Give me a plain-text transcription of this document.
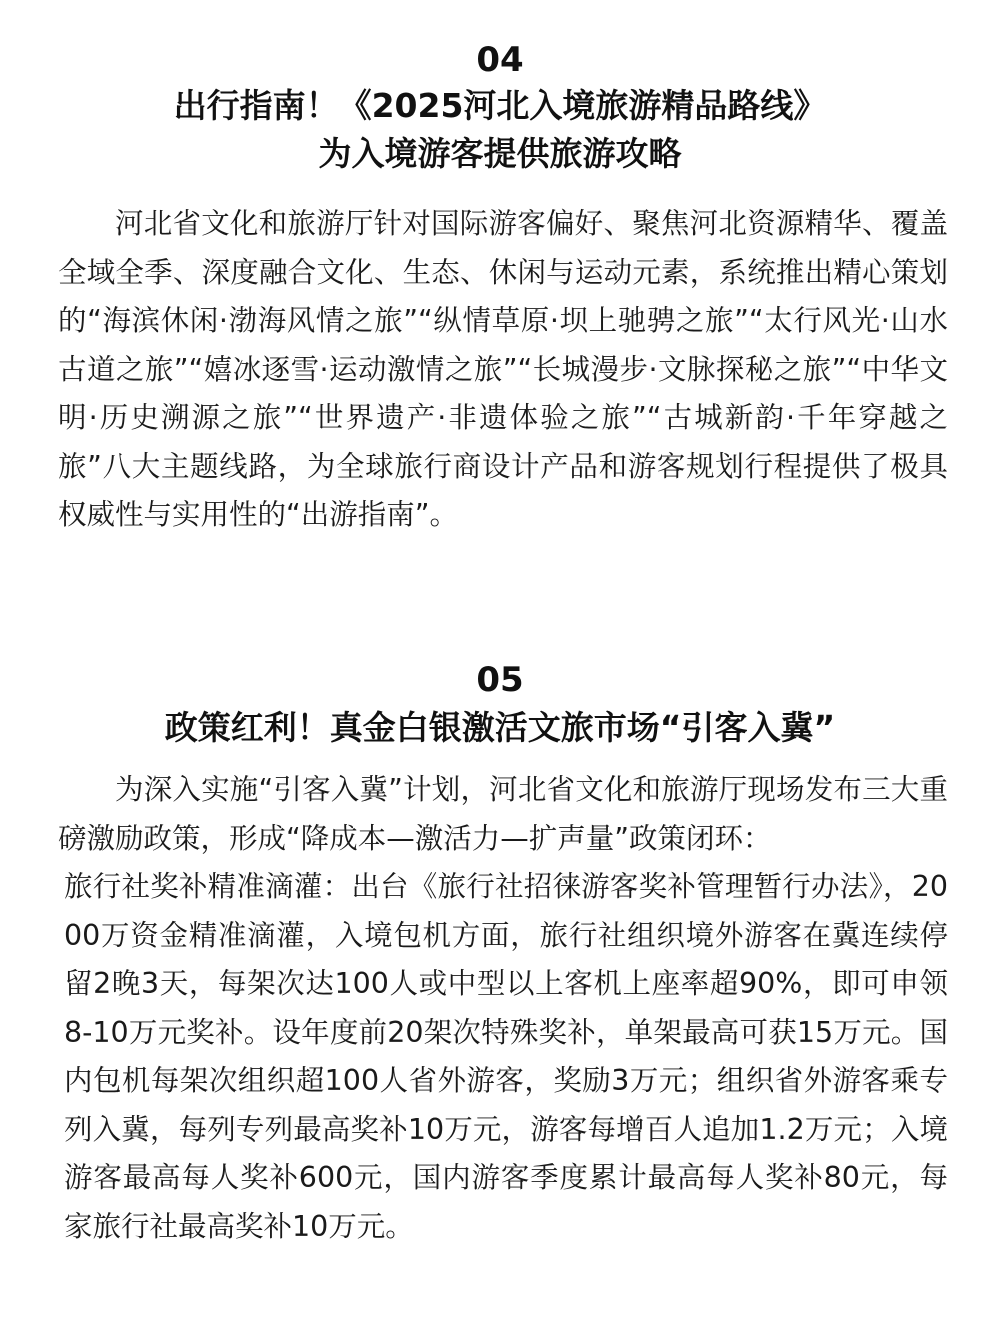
04
出行指南！《2025河北入境旅游精品路线》
为入境游客提供旅游攻略

河北省文化和旅游厅针对国际游客偏好、聚焦河北资源精华、覆盖全域全季、深度融合文化、生态、休闲与运动元素，系统推出精心策划的“海滨休闲·渤海风情之旅”“纵情草原·坝上驰骋之旅”“太行风光·山水古道之旅”“嬉冰逐雪·运动激情之旅”“长城漫步·文脉探秘之旅”“中华文明·历史溯源之旅”“世界遗产·非遗体验之旅”“古城新韵·千年穿越之旅”八大主题线路，为全球旅行商设计产品和游客规划行程提供了极具权威性与实用性的“出游指南”。

05
政策红利！真金白银激活文旅市场“引客入冀”

为深入实施“引客入冀”计划，河北省文化和旅游厅现场发布三大重磅激励政策，形成“降成本—激活力—扩声量”政策闭环：

旅行社奖补精准滴灌：出台《旅行社招徕游客奖补管理暂行办法》，2000万资金精准滴灌，入境包机方面，旅行社组织境外游客在冀连续停留2晚3天，每架次达100人或中型以上客机上座率超90%，即可申领8-10万元奖补。设年度前20架次特殊奖补，单架最高可获15万元。国内包机每架次组织超100人省外游客，奖励3万元；组织省外游客乘专列入冀，每列专列最高奖补10万元，游客每增百人追加1.2万元；入境游客最高每人奖补600元，国内游客季度累计最高每人奖补80元，每家旅行社最高奖补10万元。
